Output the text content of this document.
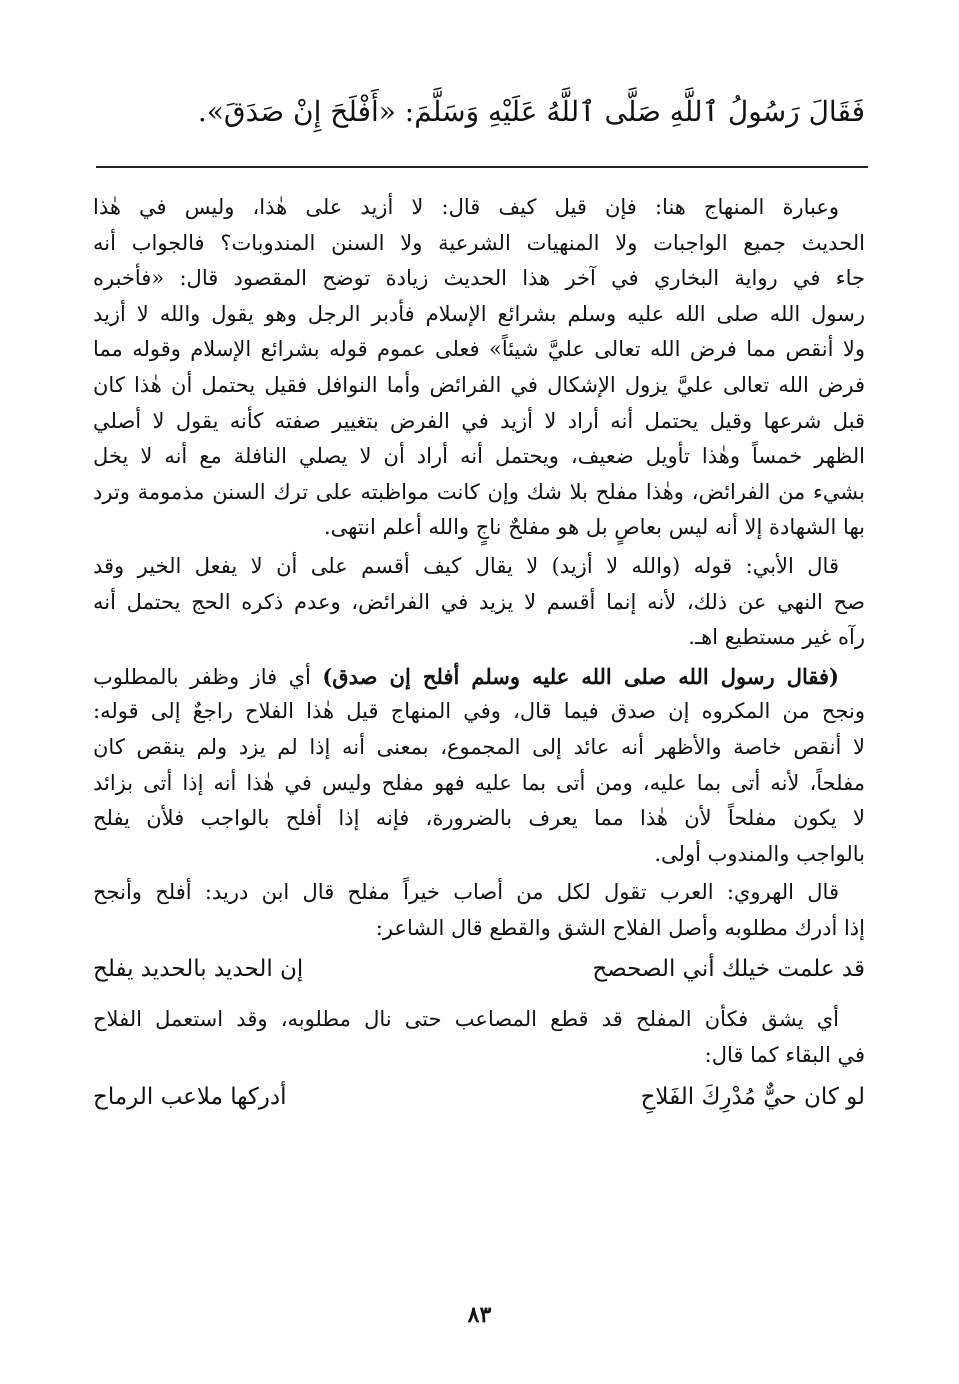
فَقَالَ رَسُولُ ٱللَّهِ صَلَّى ٱللَّهُ عَلَيْهِ وَسَلَّمَ: «أَفْلَحَ إِنْ صَدَقَ».
وعبارة المنهاج هنا: فإن قيل كيف قال: لا أزيد على هٰذا، وليس في هٰذا
الحديث جميع الواجبات ولا المنهيات الشرعية ولا السنن المندوبات؟ فالجواب أنه
جاء في رواية البخاري في آخر هذا الحديث زيادة توضح المقصود قال: «فأخبره
رسول الله صلى الله عليه وسلم بشرائع الإسلام فأدبر الرجل وهو يقول والله لا أزيد
ولا أنقص مما فرض الله تعالى عليَّ شيئاً» فعلى عموم قوله بشرائع الإسلام وقوله مما
فرض الله تعالى عليَّ يزول الإشكال في الفرائض وأما النوافل فقيل يحتمل أن هٰذا كان
قبل شرعها وقيل يحتمل أنه أراد لا أزيد في الفرض بتغيير صفته كأنه يقول لا أصلي
الظهر خمساً وهٰذا تأويل ضعيف، ويحتمل أنه أراد أن لا يصلي النافلة مع أنه لا يخل
بشيء من الفرائض، وهٰذا مفلح بلا شك وإن كانت مواظبته على ترك السنن مذمومة وترد
بها الشهادة إلا أنه ليس بعاصٍ بل هو مفلحٌ ناجٍ والله أعلم انتهى.
قال الأبي: قوله (والله لا أزيد) لا يقال كيف أقسم على أن لا يفعل الخير وقد
صح النهي عن ذلك، لأنه إنما أقسم لا يزيد في الفرائض، وعدم ذكره الحج يحتمل أنه
رآه غير مستطيع اهـ.
(فقال رسول الله صلى الله عليه وسلم أفلح إن صدق) أي فاز وظفر بالمطلوب
ونجح من المكروه إن صدق فيما قال، وفي المنهاج قيل هٰذا الفلاح راجعٌ إلى قوله:
لا أنقص خاصة والأظهر أنه عائد إلى المجموع، بمعنى أنه إذا لم يزد ولم ينقص كان
مفلحاً، لأنه أتى بما عليه، ومن أتى بما عليه فهو مفلح وليس في هٰذا أنه إذا أتى بزائد
لا يكون مفلحاً لأن هٰذا مما يعرف بالضرورة، فإنه إذا أفلح بالواجب فلأن يفلح
بالواجب والمندوب أولى.
قال الهروي: العرب تقول لكل من أصاب خيراً مفلح قال ابن دريد: أفلح وأنجح
إذا أدرك مطلوبه وأصل الفلاح الشق والقطع قال الشاعر:
قد علمت خيلك أني الصحصح
إن الحديد بالحديد يفلح
أي يشق فكأن المفلح قد قطع المصاعب حتى نال مطلوبه، وقد استعمل الفلاح
في البقاء كما قال:
لو كان حيٌّ مُدْرِكَ الفَلاحِ
أدركها ملاعب الرماح
٨٣
